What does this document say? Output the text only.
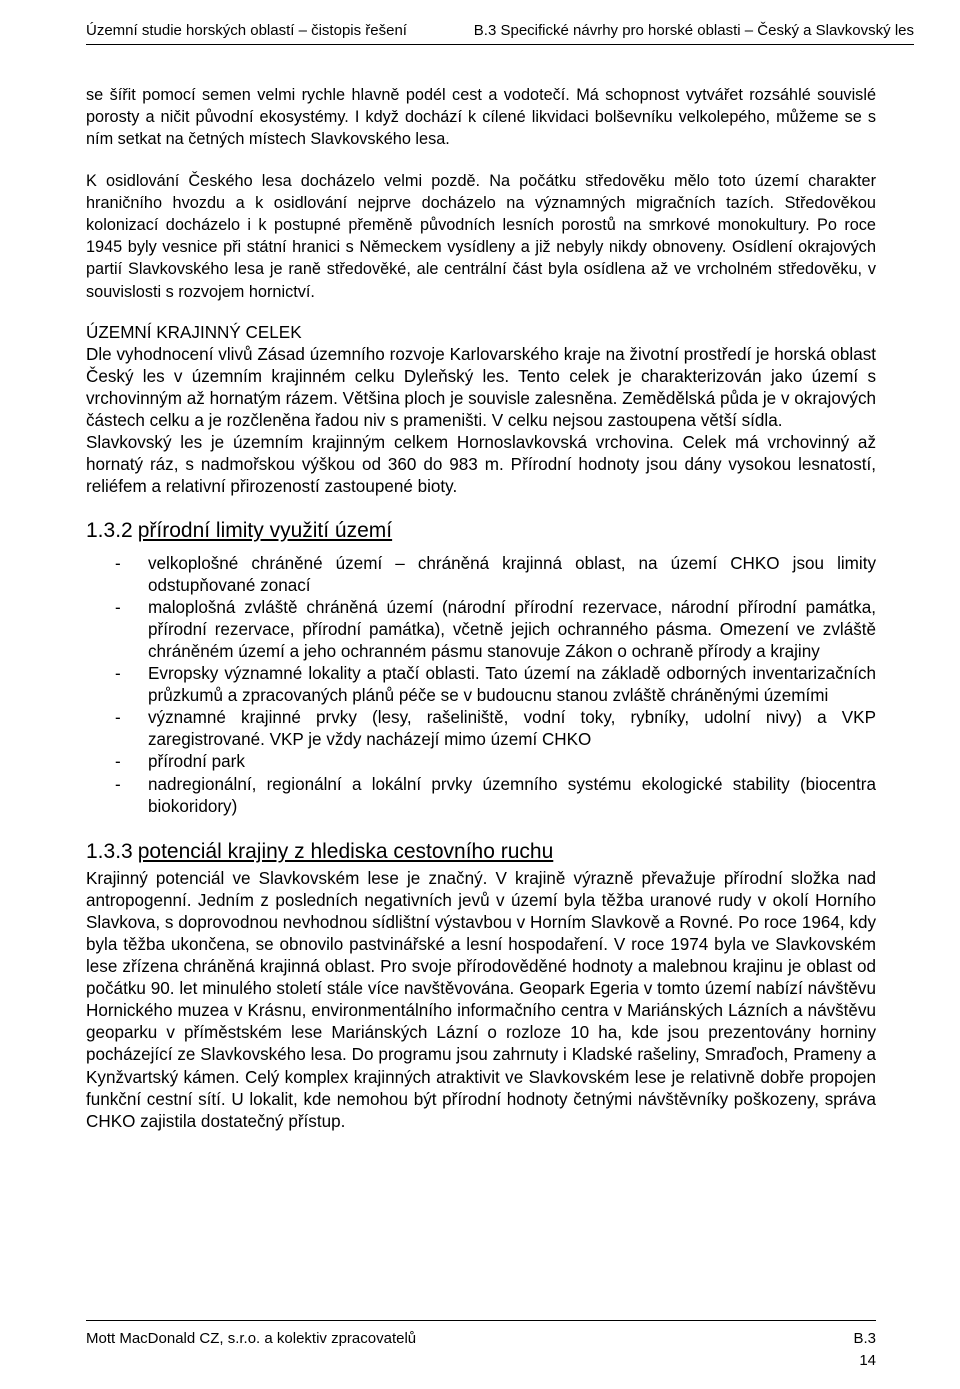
Územní studie horských oblastí – čistopis řešení	B.3 Specifické návrhy pro horské oblasti – Český a Slavkovský les

se šířit pomocí semen velmi rychle hlavně podél cest a vodotečí. Má schopnost vytvářet rozsáhlé souvislé porosty a ničit původní ekosystémy. I když dochází k cílené likvidaci bolševníku velkolepého, můžeme se s ním setkat na četných místech Slavkovského lesa.

K osidlování Českého lesa docházelo velmi pozdě. Na počátku středověku mělo toto území charakter hraničního hvozdu a k osidlování nejprve docházelo na významných migračních tazích. Středověkou kolonizací docházelo i k postupné přeměně původních lesních porostů na smrkové monokultury. Po roce 1945 byly vesnice při státní hranici s Německem vysídleny a již nebyly nikdy obnoveny. Osídlení okrajových partií Slavkovského lesa je raně středověké, ale centrální část byla osídlena až ve vrcholném středověku, v souvislosti s rozvojem hornictví.

ÚZEMNÍ KRAJINNÝ CELEK

Dle vyhodnocení vlivů Zásad územního rozvoje Karlovarského kraje na životní prostředí je horská oblast Český les v územním krajinném celku Dyleňský les. Tento celek je charakterizován jako území s vrchovinným až hornatým rázem. Většina ploch je souvisle zalesněna. Zemědělská půda je v okrajových částech celku a je rozčleněna řadou niv s prameništi. V celku nejsou zastoupena větší sídla.

Slavkovský les je územním krajinným celkem Hornoslavkovská vrchovina. Celek má vrchovinný až hornatý ráz, s nadmořskou výškou od 360 do 983 m. Přírodní hodnoty jsou dány vysokou lesnatostí, reliéfem a relativní přirozeností zastoupené bioty.

1.3.2 přírodní limity využití území
- velkoplošné chráněné území – chráněná krajinná oblast, na území CHKO jsou limity odstupňované zonací
- maloplošná zvláště chráněná území (národní přírodní rezervace, národní přírodní památka, přírodní rezervace, přírodní památka), včetně jejich ochranného pásma. Omezení ve zvláště chráněném území a jeho ochranném pásmu stanovuje Zákon o ochraně přírody a krajiny
- Evropsky významné lokality a ptačí oblasti. Tato území na základě odborných inventarizačních průzkumů a zpracovaných plánů péče se v budoucnu stanou zvláště chráněnými územími
- významné krajinné prvky (lesy, rašeliniště, vodní toky, rybníky, udolní nivy) a VKP zaregistrované. VKP je vždy nacházejí mimo území CHKO
- přírodní park
- nadregionální, regionální a lokální prvky územního systému ekologické stability (biocentra biokoridory)
1.3.3 potenciál krajiny z hlediska cestovního ruchu

Krajinný potenciál ve Slavkovském lese je značný. V krajině výrazně převažuje přírodní složka nad antropogenní. Jedním z posledních negativních jevů v území byla těžba uranové rudy v okolí Horního Slavkova, s doprovodnou nevhodnou sídlištní výstavbou v Horním Slavkově a Rovné. Po roce 1964, kdy byla těžba ukončena, se obnovilo pastvinářské a lesní hospodaření. V roce 1974 byla ve Slavkovském lese zřízena chráněná krajinná oblast. Pro svoje přírodověděné hodnoty a malebnou krajinu je oblast od počátku 90. let minulého století stále více navštěvována. Geopark Egeria v tomto území nabízí návštěvu Hornického muzea v Krásnu, environmentálního informačního centra v Mariánských Lázních a návštěvu geoparku v příměstském lese Mariánských Lázní o rozloze 10 ha, kde jsou prezentovány horniny pocházející ze Slavkovského lesa. Do programu jsou zahrnuty i Kladské rašeliny, Smraďoch, Prameny a Kynžvartský kámen. Celý komplex krajinných atraktivit ve Slavkovském lese je relativně dobře propojen funkční cestní sítí. U lokalit, kde nemohou být přírodní hodnoty četnými návštěvníky poškozeny, správa CHKO zajistila dostatečný přístup.

Mott MacDonald CZ, s.r.o. a kolektiv zpracovatelů	B.3
14
